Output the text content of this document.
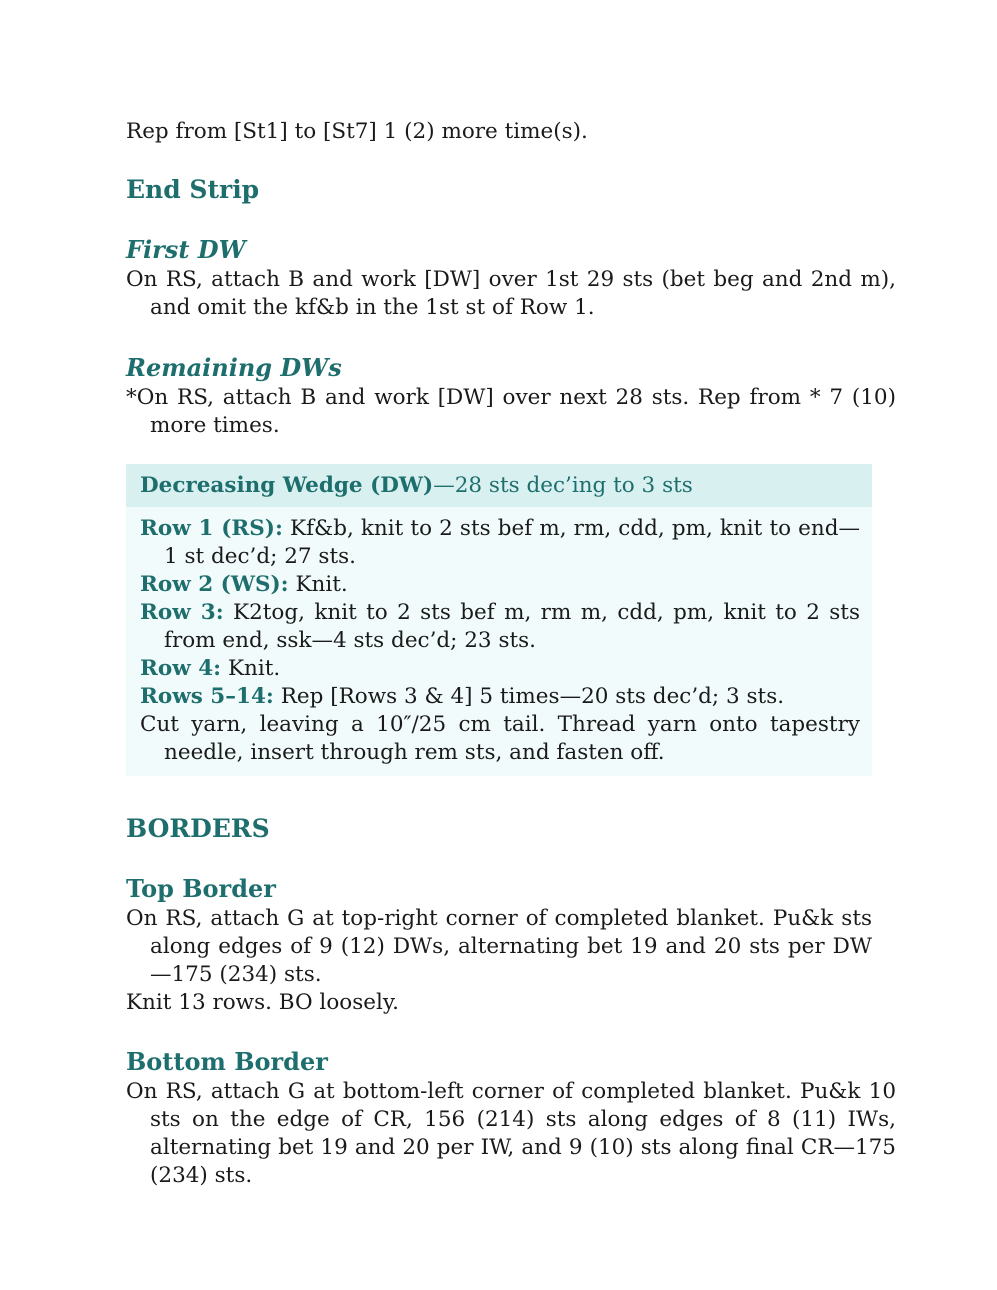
Rep from [St1] to [St7] 1 (2) more time(s).

End Strip
First DW

On RS, attach B and work [DW] over 1st 29 sts (bet beg and 2nd m), and omit the kf&b in the 1st st of Row 1.

Remaining DWs

*On RS, attach B and work [DW] over next 28 sts. Rep from * 7 (10) more times.

Decreasing Wedge (DW)—28 sts dec’ing to 3 sts

Row 1 (RS): Kf&b, knit to 2 sts bef m, rm, cdd, pm, knit to end—1 st dec’d; 27 sts.

Row 2 (WS): Knit.

Row 3: K2tog, knit to 2 sts bef m, rm m, cdd, pm, knit to 2 sts from end, ssk—4 sts dec’d; 23 sts.

Row 4: Knit.

Rows 5–14: Rep [Rows 3 & 4] 5 times—20 sts dec’d; 3 sts.

Cut yarn, leaving a 10″/25 cm tail. Thread yarn onto tapestry needle, insert through rem sts, and fasten off.

BORDERS
Top Border

On RS, attach G at top-right corner of completed blanket. Pu&k sts along edges of 9 (12) DWs, alternating bet 19 and 20 sts per DW—175 (234) sts.

Knit 13 rows. BO loosely.

Bottom Border

On RS, attach G at bottom-left corner of completed blanket. Pu&k 10 sts on the edge of CR, 156 (214) sts along edges of 8 (11) IWs, alternating bet 19 and 20 per IW, and 9 (10) sts along final CR—175 (234) sts.
